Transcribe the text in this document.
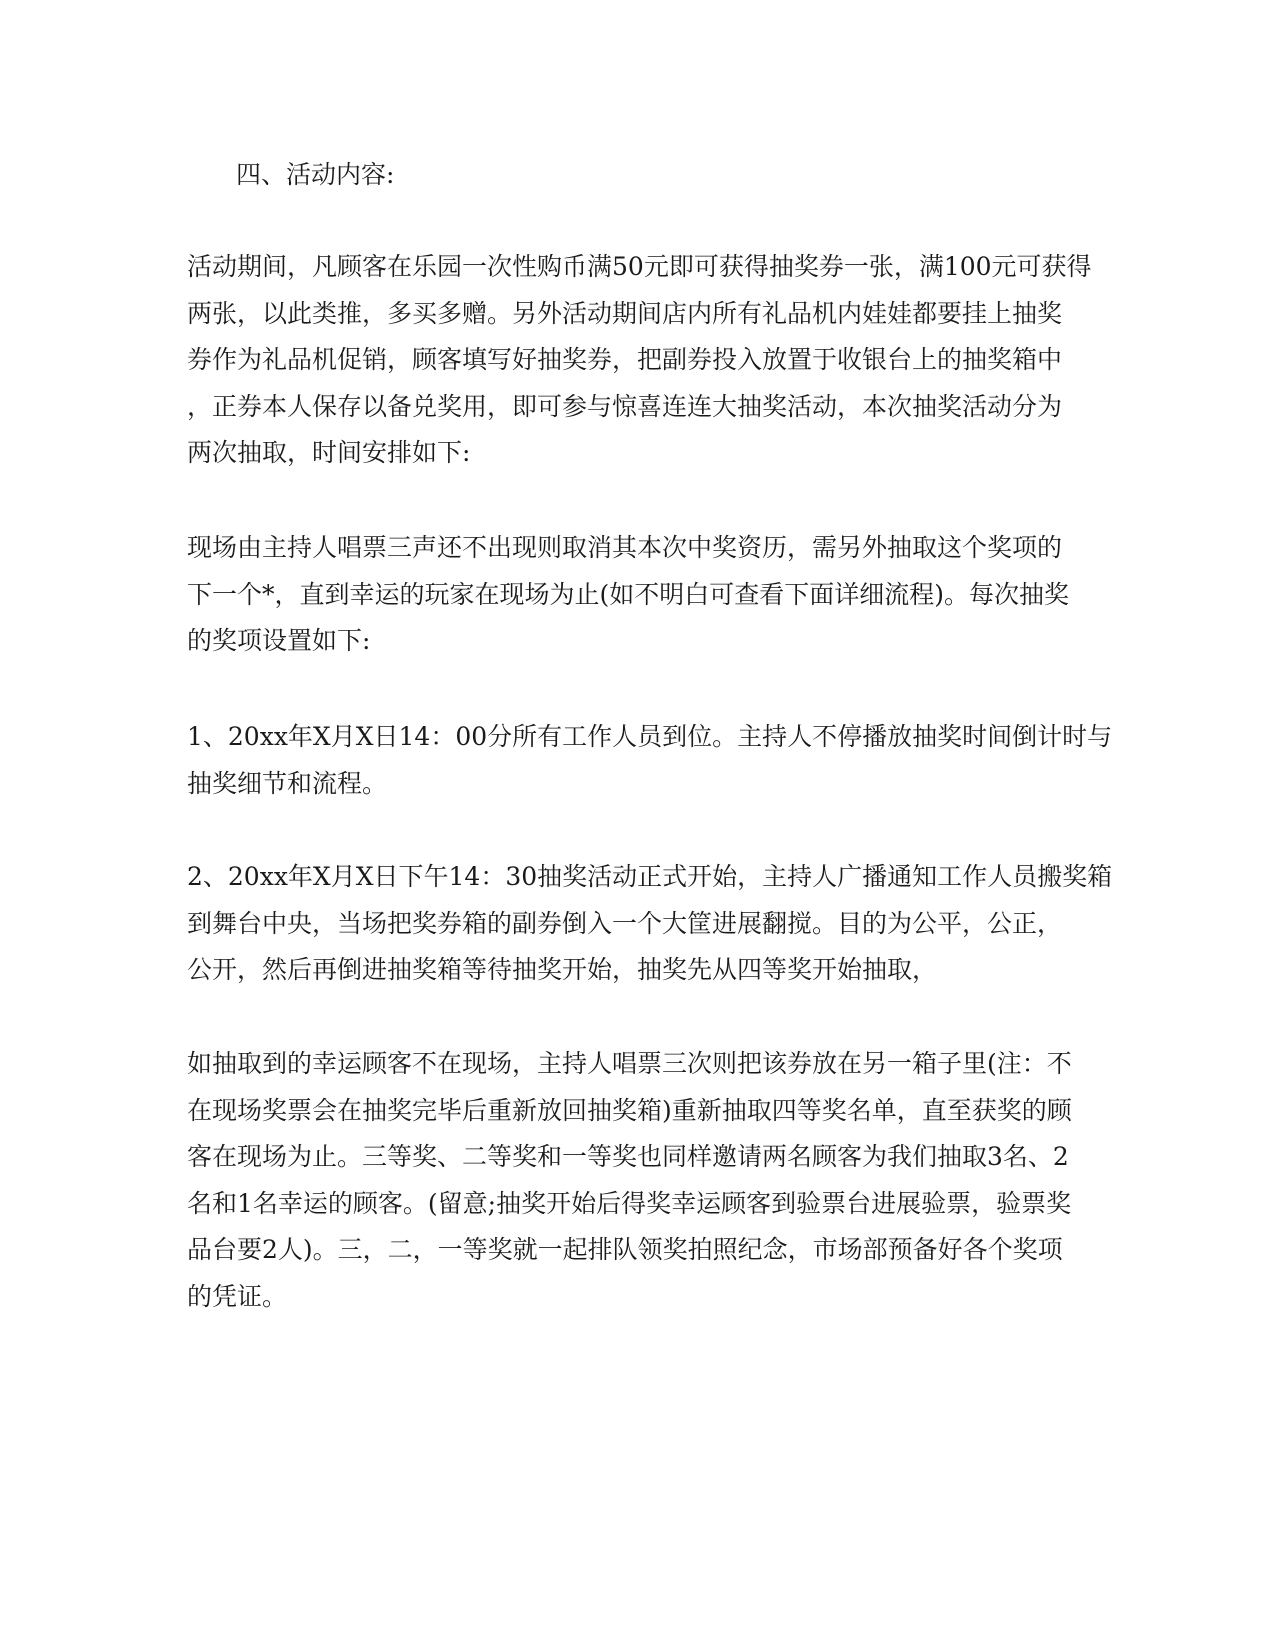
四、活动内容:
活动期间，凡顾客在乐园一次性购币满50元即可获得抽奖券一张，满100元可获得
两张，以此类推，多买多赠。另外活动期间店内所有礼品机内娃娃都要挂上抽奖
券作为礼品机促销，顾客填写好抽奖券，把副券投入放置于收银台上的抽奖箱中
，正券本人保存以备兑奖用，即可参与惊喜连连大抽奖活动，本次抽奖活动分为
两次抽取，时间安排如下:
现场由主持人唱票三声还不出现则取消其本次中奖资历，需另外抽取这个奖项的
下一个*，直到幸运的玩家在现场为止(如不明白可查看下面详细流程)。每次抽奖
的奖项设置如下:
1、20xx年X月X日14：00分所有工作人员到位。主持人不停播放抽奖时间倒计时与
抽奖细节和流程。
2、20xx年X月X日下午14：30抽奖活动正式开始，主持人广播通知工作人员搬奖箱
到舞台中央，当场把奖券箱的副券倒入一个大筐进展翻搅。目的为公平，公正，
公开，然后再倒进抽奖箱等待抽奖开始，抽奖先从四等奖开始抽取，
如抽取到的幸运顾客不在现场，主持人唱票三次则把该券放在另一箱子里(注：不
在现场奖票会在抽奖完毕后重新放回抽奖箱)重新抽取四等奖名单，直至获奖的顾
客在现场为止。三等奖、二等奖和一等奖也同样邀请两名顾客为我们抽取3名、2
名和1名幸运的顾客。(留意;抽奖开始后得奖幸运顾客到验票台进展验票，验票奖
品台要2人)。三，二，一等奖就一起排队领奖拍照纪念，市场部预备好各个奖项
的凭证。
